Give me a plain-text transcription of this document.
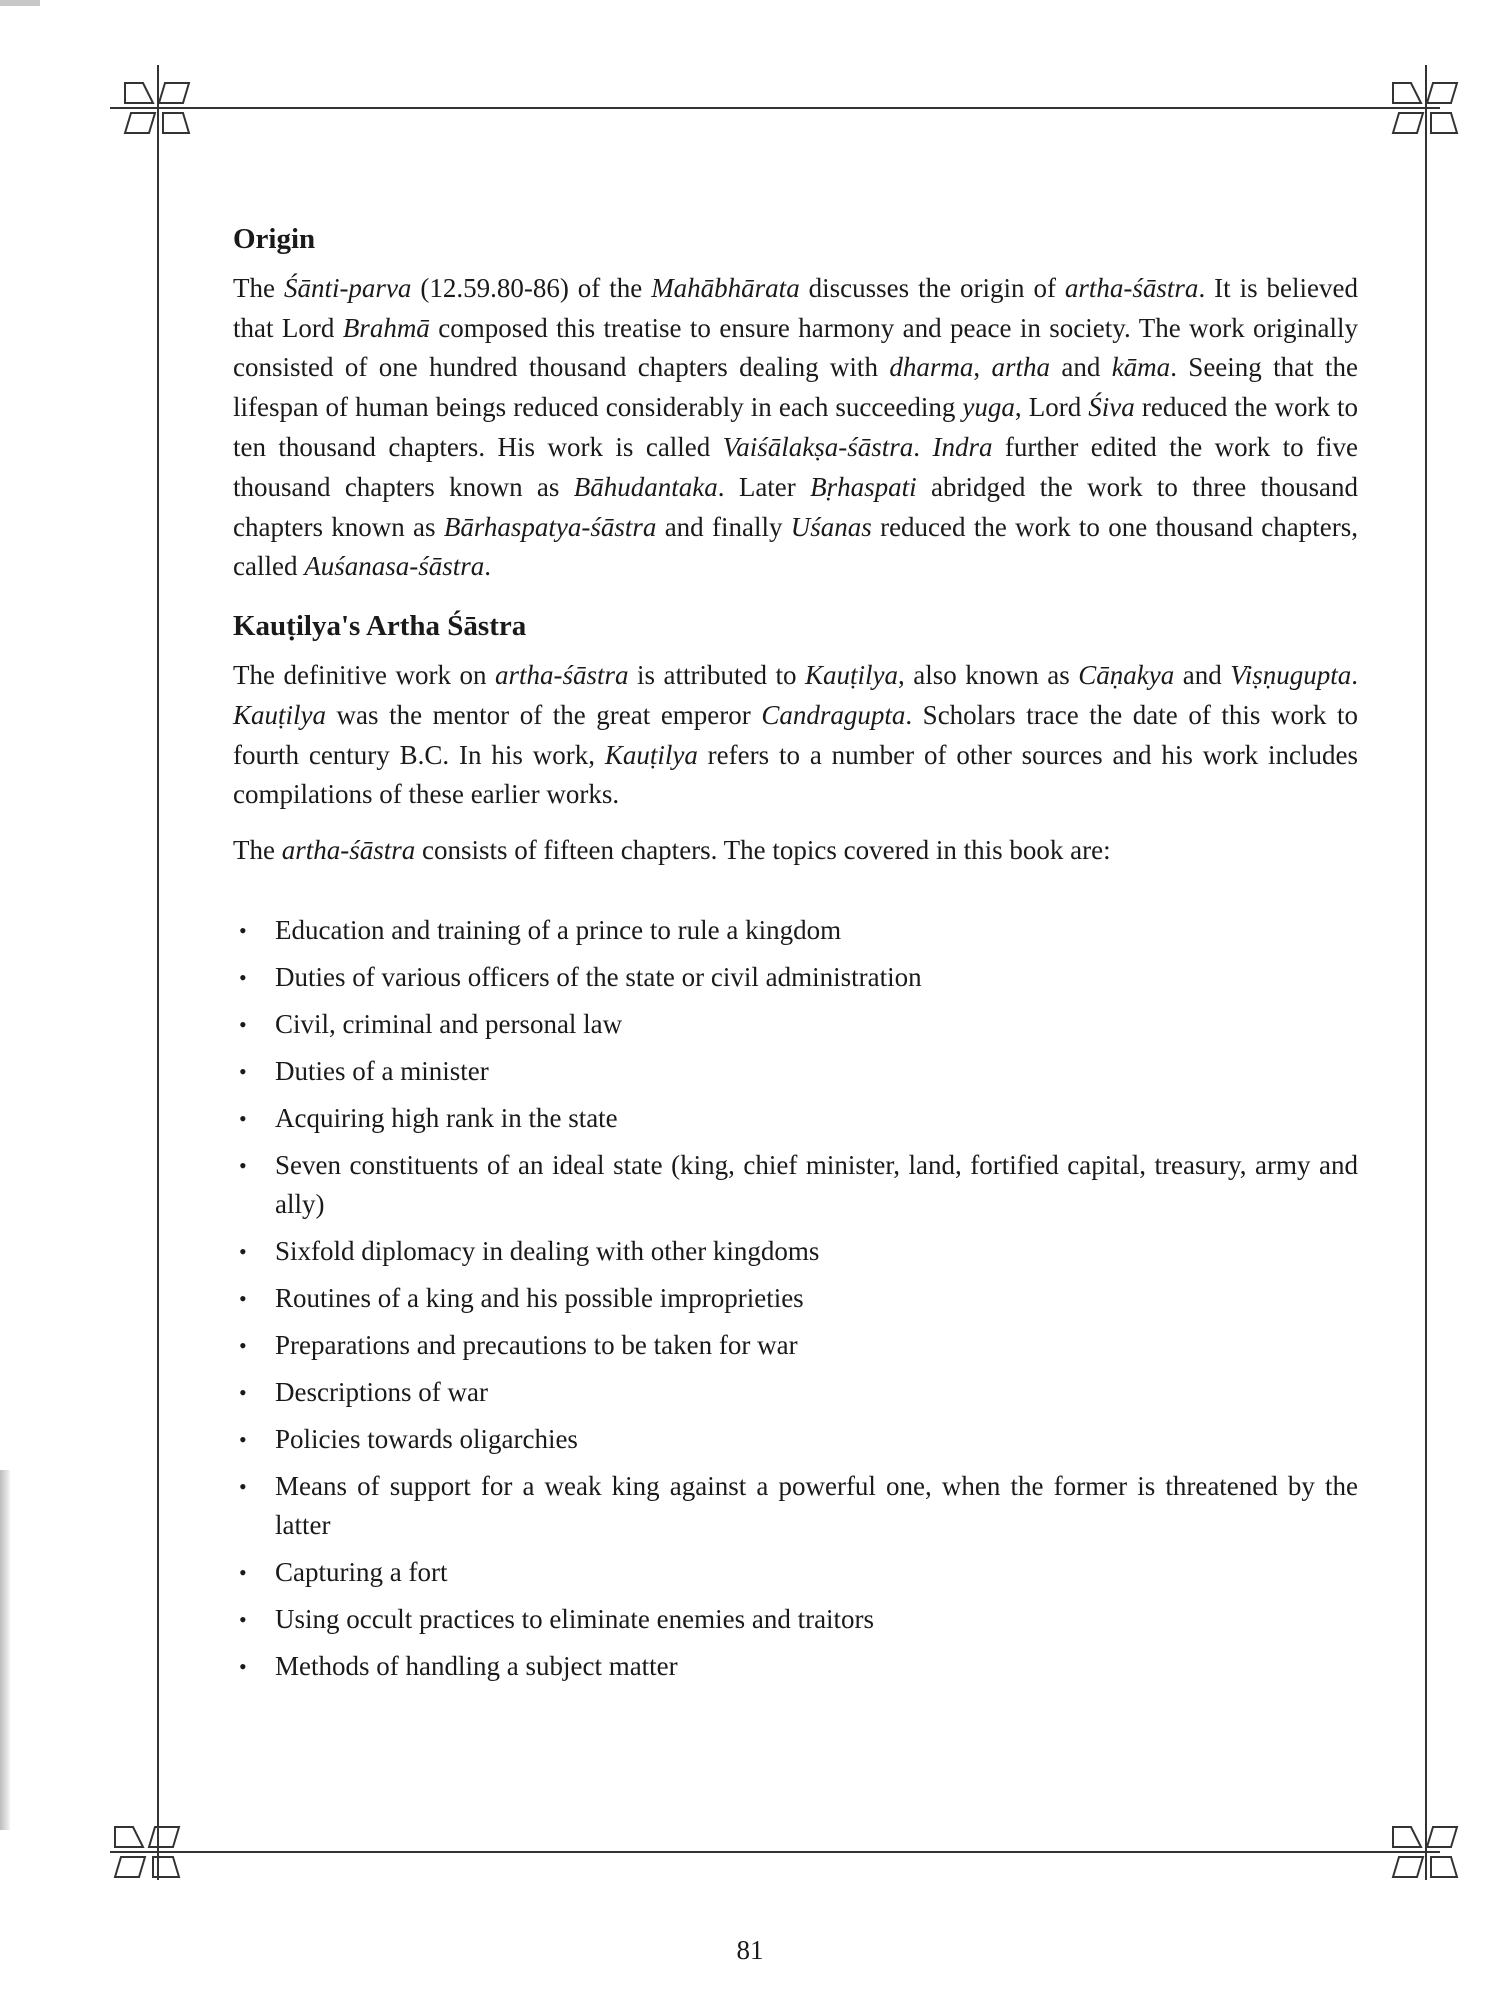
Origin

The Śānti-parva (12.59.80-86) of the Mahābhārata discusses the origin of artha-śāstra. It is believed that Lord Brahmā composed this treatise to ensure harmony and peace in society. The work originally consisted of one hundred thousand chapters dealing with dharma, artha and kāma. Seeing that the lifespan of human beings reduced considerably in each succeeding yuga, Lord Śiva reduced the work to ten thousand chapters. His work is called Vaiśālakṣa-śāstra. Indra further edited the work to five thousand chapters known as Bāhudantaka. Later Bṛhaspati abridged the work to three thousand chapters known as Bārhaspatya-śāstra and finally Uśanas reduced the work to one thousand chapters, called Auśanasa-śāstra.

Kauṭilya's Artha Śāstra

The definitive work on artha-śāstra is attributed to Kauṭilya, also known as Cāṇakya and Viṣṇugupta. Kauṭilya was the mentor of the great emperor Candragupta. Scholars trace the date of this work to fourth century B.C. In his work, Kauṭilya refers to a number of other sources and his work includes compilations of these earlier works.

The artha-śāstra consists of fifteen chapters. The topics covered in this book are:

• Education and training of a prince to rule a kingdom
• Duties of various officers of the state or civil administration
• Civil, criminal and personal law
• Duties of a minister
• Acquiring high rank in the state
• Seven constituents of an ideal state (king, chief minister, land, fortified capital, treasury, army and ally)
• Sixfold diplomacy in dealing with other kingdoms
• Routines of a king and his possible improprieties
• Preparations and precautions to be taken for war
• Descriptions of war
• Policies towards oligarchies
• Means of support for a weak king against a powerful one, when the former is threatened by the latter
• Capturing a fort
• Using occult practices to eliminate enemies and traitors
• Methods of handling a subject matter
81
